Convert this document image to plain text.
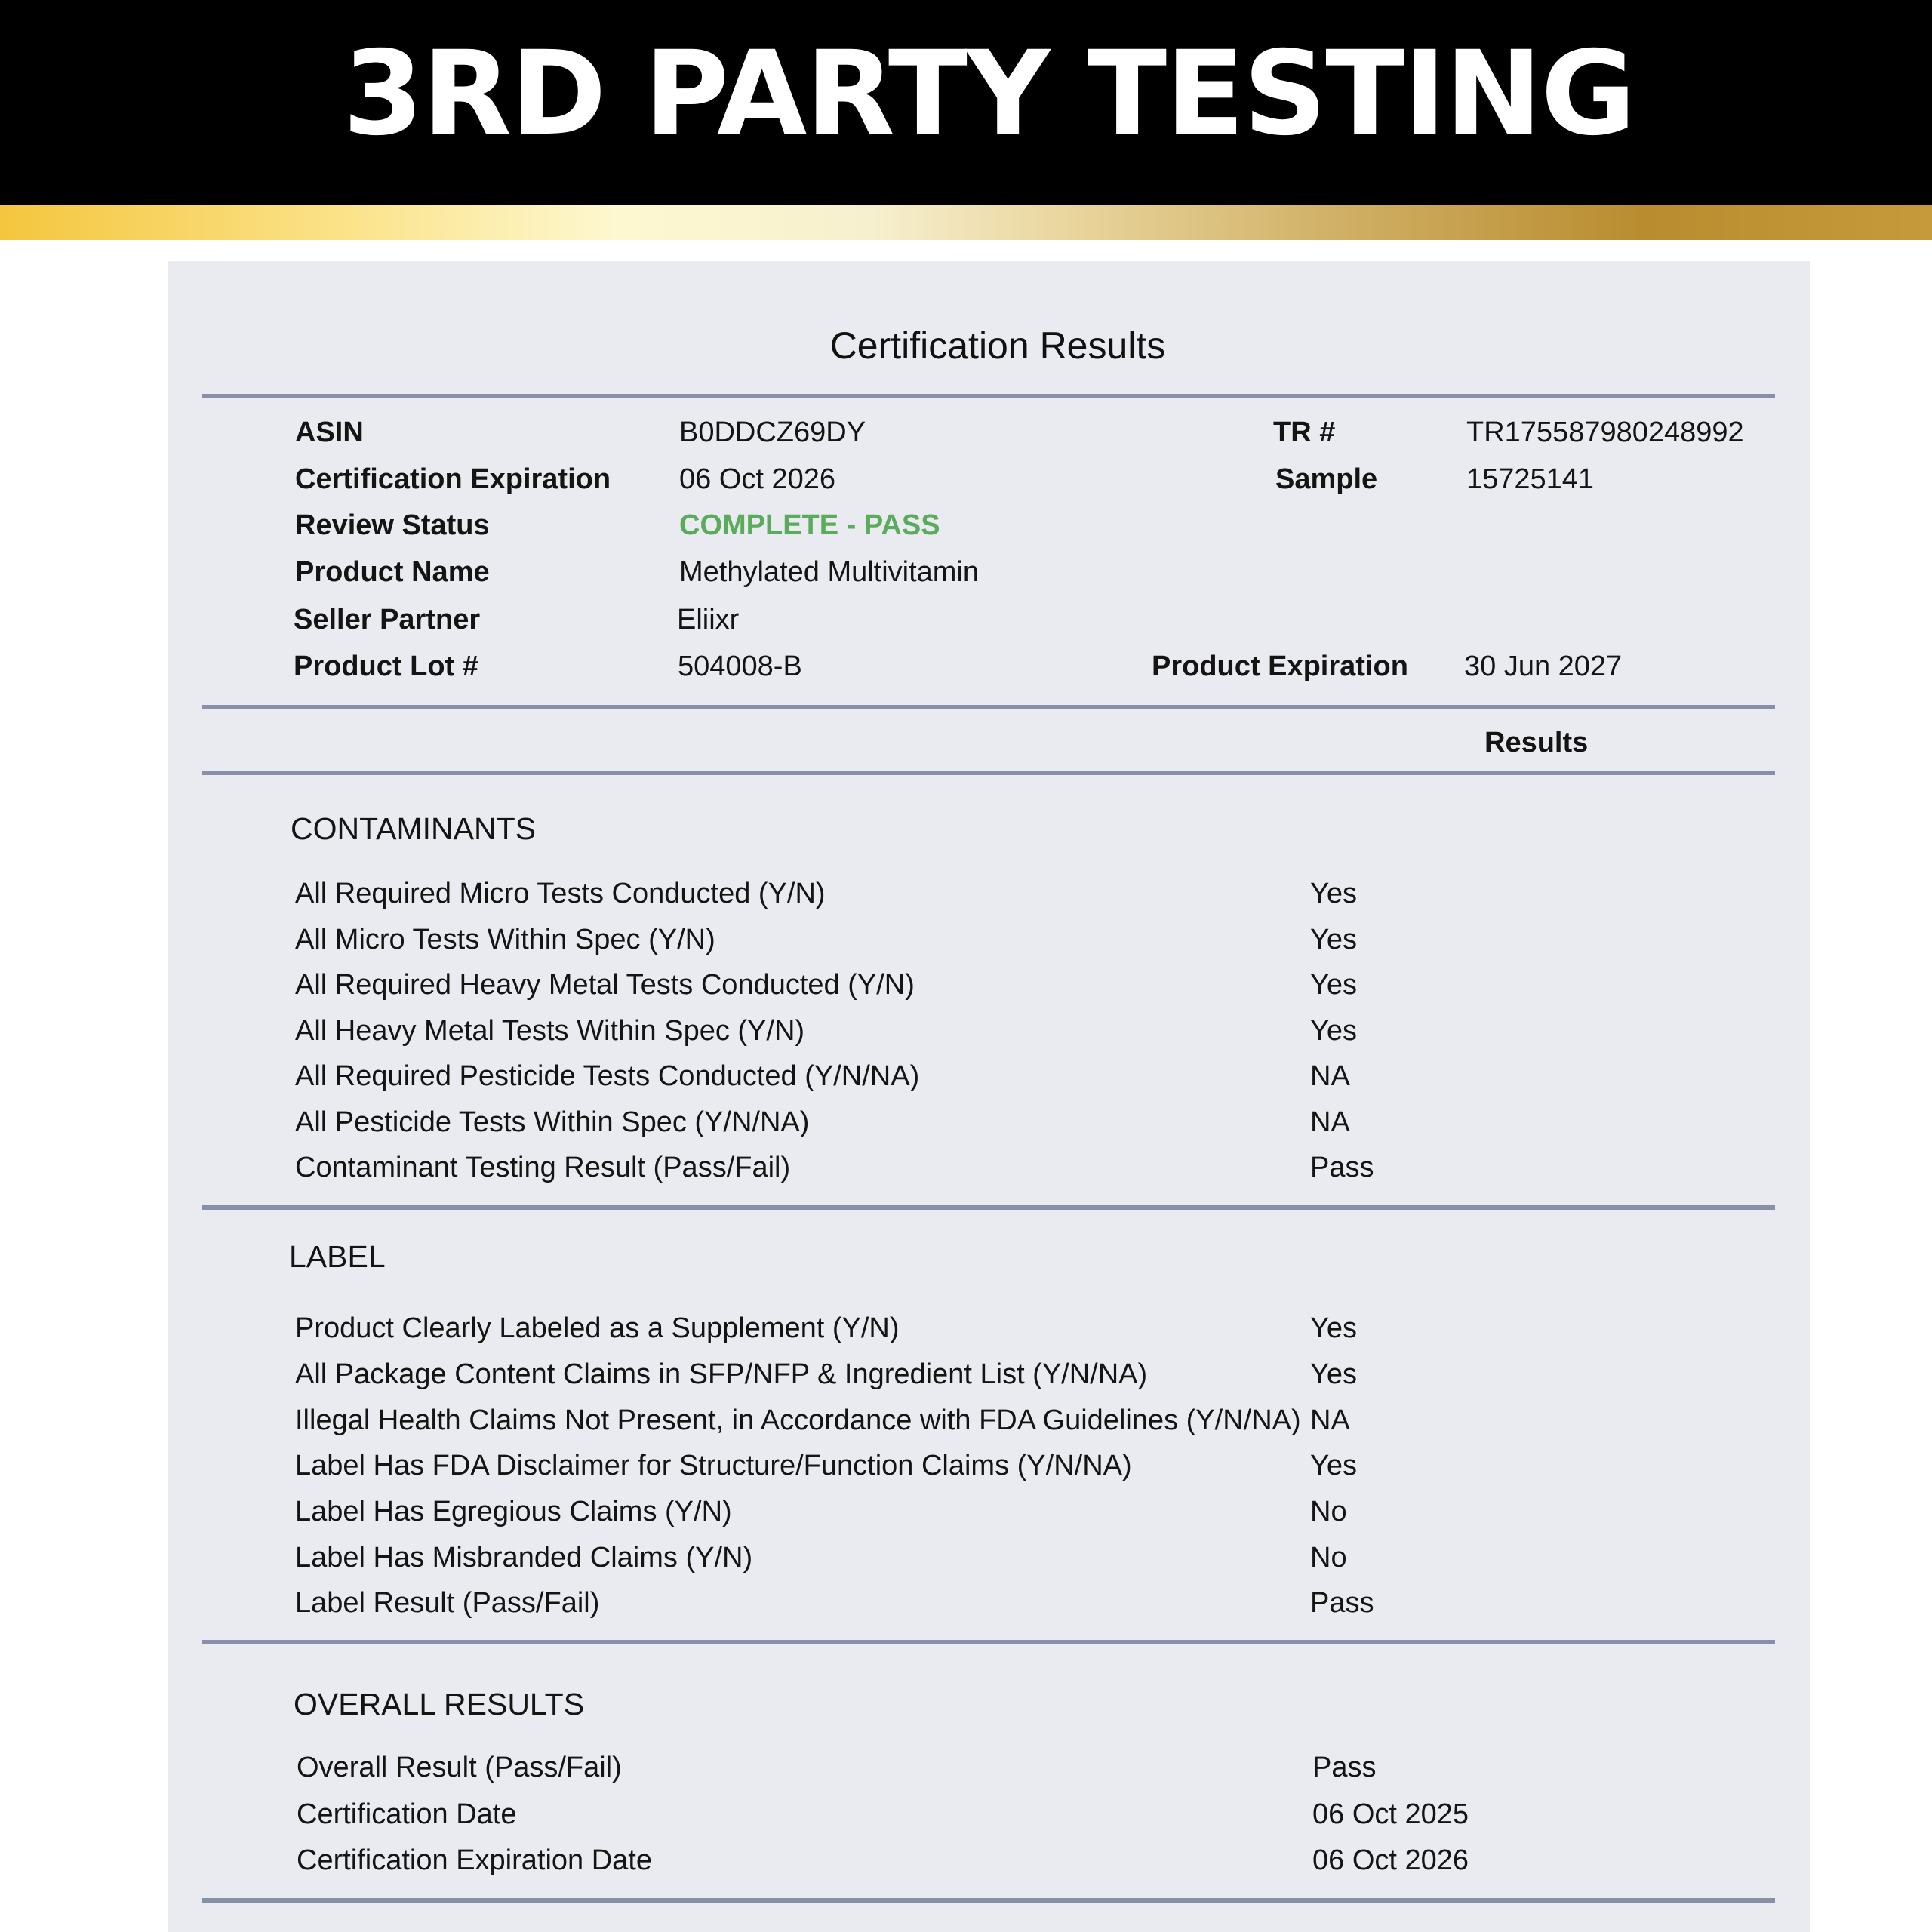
3RD PARTY TESTING
Certification Results
ASIN	B0DDCZ69DY	TR #	TR175587980248992
Certification Expiration 06 Oct 2026	Sample	15725141
Review Status	COMPLETE - PASS
Product Name	Methylated Multivitamin
Seller Partner	Eliixr
Product Lot #	504008-B	Product Expiration 30 Jun 2027
Results
CONTAMINANTS
All Required Micro Tests Conducted (Y/N)	Yes
All Micro Tests Within Spec (Y/N)	Yes
All Required Heavy Metal Tests Conducted (Y/N)	Yes
All Heavy Metal Tests Within Spec (Y/N)	Yes
All Required Pesticide Tests Conducted (Y/N/NA)	NA
All Pesticide Tests Within Spec (Y/N/NA)	NA
Contaminant Testing Result (Pass/Fail)	Pass
LABEL
Product Clearly Labeled as a Supplement (Y/N)	Yes
All Package Content Claims in SFP/NFP & Ingredient List (Y/N/NA)	Yes
Illegal Health Claims Not Present, in Accordance with FDA Guidelines (Y/N/NA) NA
Label Has FDA Disclaimer for Structure/Function Claims (Y/N/NA)	Yes
Label Has Egregious Claims (Y/N)	No
Label Has Misbranded Claims (Y/N)	No
Label Result (Pass/Fail)	Pass
OVERALL RESULTS
Overall Result (Pass/Fail)	Pass
Certification Date	06 Oct 2025
Certification Expiration Date	06 Oct 2026
